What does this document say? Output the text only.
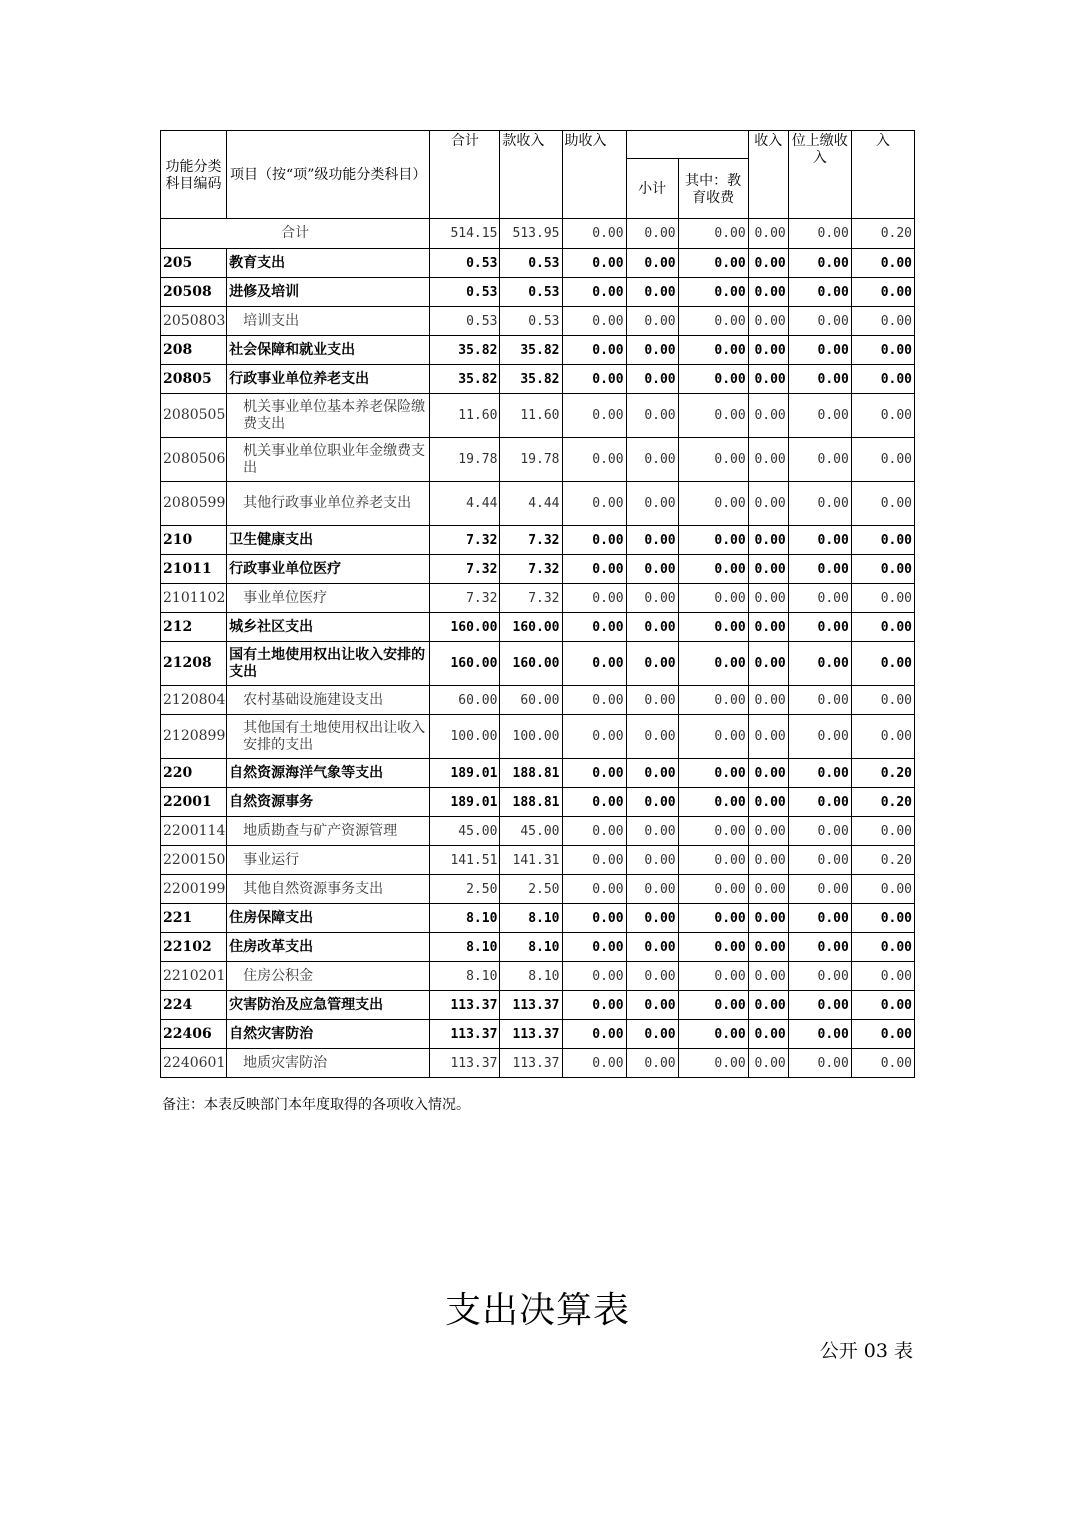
功能分类科目编码	项目（按“项”级功能分类科目）	合计	款收入	助收入			收入	位上缴收入	入
					小计	其中：教育收费			
合计		514.15	513.95	0.00	0.00	0.00	0.00	0.00	0.20
205	教育支出	0.53	0.53	0.00	0.00	0.00	0.00	0.00	0.00
20508	进修及培训	0.53	0.53	0.00	0.00	0.00	0.00	0.00	0.00
2050803	培训支出	0.53	0.53	0.00	0.00	0.00	0.00	0.00	0.00
208	社会保障和就业支出	35.82	35.82	0.00	0.00	0.00	0.00	0.00	0.00
20805	行政事业单位养老支出	35.82	35.82	0.00	0.00	0.00	0.00	0.00	0.00
2080505	机关事业单位基本养老保险缴费支出	11.60	11.60	0.00	0.00	0.00	0.00	0.00	0.00
2080506	机关事业单位职业年金缴费支出	19.78	19.78	0.00	0.00	0.00	0.00	0.00	0.00
2080599	其他行政事业单位养老支出	4.44	4.44	0.00	0.00	0.00	0.00	0.00	0.00
210	卫生健康支出	7.32	7.32	0.00	0.00	0.00	0.00	0.00	0.00
21011	行政事业单位医疗	7.32	7.32	0.00	0.00	0.00	0.00	0.00	0.00
2101102	事业单位医疗	7.32	7.32	0.00	0.00	0.00	0.00	0.00	0.00
212	城乡社区支出	160.00	160.00	0.00	0.00	0.00	0.00	0.00	0.00
21208	国有土地使用权出让收入安排的支出	160.00	160.00	0.00	0.00	0.00	0.00	0.00	0.00
2120804	农村基础设施建设支出	60.00	60.00	0.00	0.00	0.00	0.00	0.00	0.00
2120899	其他国有土地使用权出让收入安排的支出	100.00	100.00	0.00	0.00	0.00	0.00	0.00	0.00
220	自然资源海洋气象等支出	189.01	188.81	0.00	0.00	0.00	0.00	0.00	0.20
22001	自然资源事务	189.01	188.81	0.00	0.00	0.00	0.00	0.00	0.20
2200114	地质勘查与矿产资源管理	45.00	45.00	0.00	0.00	0.00	0.00	0.00	0.00
2200150	事业运行	141.51	141.31	0.00	0.00	0.00	0.00	0.00	0.20
2200199	其他自然资源事务支出	2.50	2.50	0.00	0.00	0.00	0.00	0.00	0.00
221	住房保障支出	8.10	8.10	0.00	0.00	0.00	0.00	0.00	0.00
22102	住房改革支出	8.10	8.10	0.00	0.00	0.00	0.00	0.00	0.00
2210201	住房公积金	8.10	8.10	0.00	0.00	0.00	0.00	0.00	0.00
224	灾害防治及应急管理支出	113.37	113.37	0.00	0.00	0.00	0.00	0.00	0.00
22406	自然灾害防治	113.37	113.37	0.00	0.00	0.00	0.00	0.00	0.00
2240601	地质灾害防治	113.37	113.37	0.00	0.00	0.00	0.00	0.00	0.00
备注：本表反映部门本年度取得的各项收入情况。
支出决算表
公开 03 表
